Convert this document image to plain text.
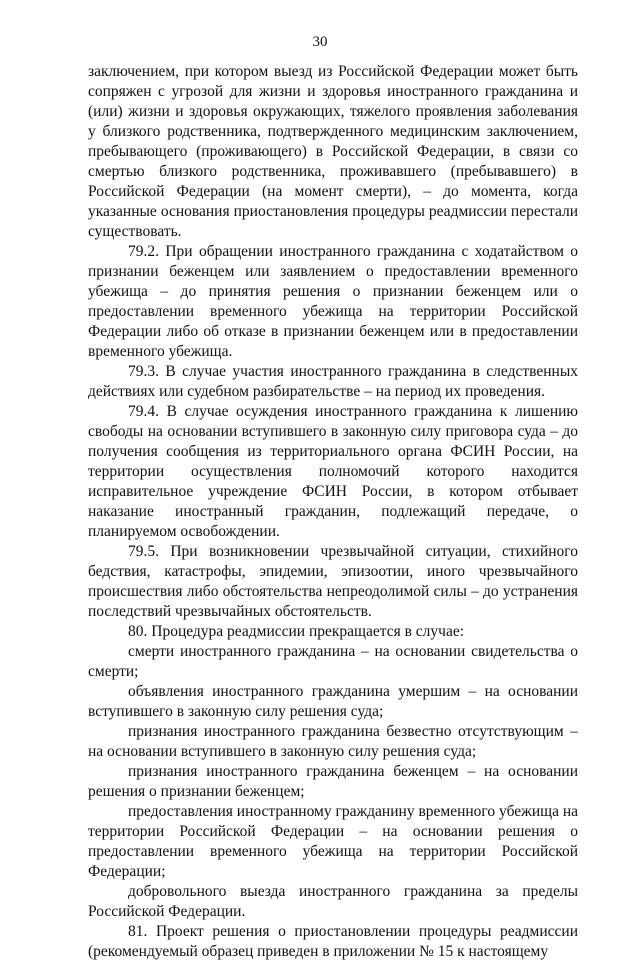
30

заключением, при котором выезд из Российской Федерации может быть сопряжен с угрозой для жизни и здоровья иностранного гражданина и (или) жизни и здоровья окружающих, тяжелого проявления заболевания у близкого родственника, подтвержденного медицинским заключением, пребывающего (проживающего) в Российской Федерации, в связи со смертью близкого родственника, проживавшего (пребывавшего) в Российской Федерации (на момент смерти), – до момента, когда указанные основания приостановления процедуры реадмиссии перестали существовать.

79.2. При обращении иностранного гражданина с ходатайством о признании беженцем или заявлением о предоставлении временного убежища – до принятия решения о признании беженцем или о предоставлении временного убежища на территории Российской Федерации либо об отказе в признании беженцем или в предоставлении временного убежища.

79.3. В случае участия иностранного гражданина в следственных действиях или судебном разбирательстве – на период их проведения.

79.4. В случае осуждения иностранного гражданина к лишению свободы на основании вступившего в законную силу приговора суда – до получения сообщения из территориального органа ФСИН России, на территории осуществления полномочий которого находится исправительное учреждение ФСИН России, в котором отбывает наказание иностранный гражданин, подлежащий передаче, о планируемом освобождении.

79.5. При возникновении чрезвычайной ситуации, стихийного бедствия, катастрофы, эпидемии, эпизоотии, иного чрезвычайного происшествия либо обстоятельства непреодолимой силы – до устранения последствий чрезвычайных обстоятельств.

80. Процедура реадмиссии прекращается в случае:

смерти иностранного гражданина – на основании свидетельства о смерти;

объявления иностранного гражданина умершим – на основании вступившего в законную силу решения суда;

признания иностранного гражданина безвестно отсутствующим – на основании вступившего в законную силу решения суда;

признания иностранного гражданина беженцем – на основании решения о признании беженцем;

предоставления иностранному гражданину временного убежища на территории Российской Федерации – на основании решения о предоставлении временного убежища на территории Российской Федерации;

добровольного выезда иностранного гражданина за пределы Российской Федерации.

81. Проект решения о приостановлении процедуры реадмиссии (рекомендуемый образец приведен в приложении № 15 к настоящему
